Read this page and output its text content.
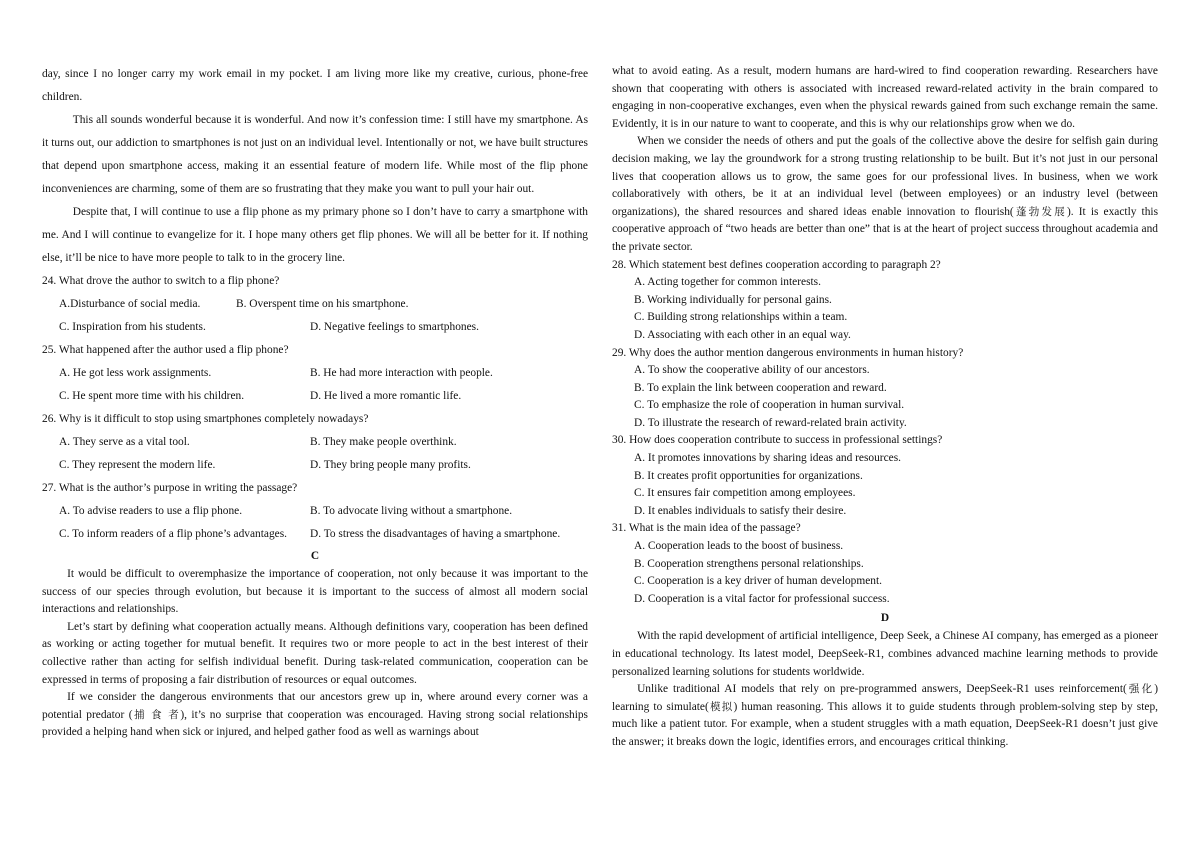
day, since I no longer carry my work email in my pocket. I am living more like my creative, curious, phone-free children.

This all sounds wonderful because it is wonderful. And now it’s confession time: I still have my smartphone. As it turns out, our addiction to smartphones is not just on an individual level. Intentionally or not, we have built structures that depend upon smartphone access, making it an essential feature of modern life. While most of the flip phone inconveniences are charming, some of them are so frustrating that they make you want to pull your hair out.

Despite that, I will continue to use a flip phone as my primary phone so I don’t have to carry a smartphone with me. And I will continue to evangelize for it. I hope many others get flip phones. We will all be better for it. If nothing else, it’ll be nice to have more people to talk to in the grocery line.

24. What drove the author to switch to a flip phone?

A.Disturbance of social media.	B. Overspent time on his smartphone.
C. Inspiration from his students.	D. Negative feelings to smartphones.

25. What happened after the author used a flip phone?

A. He got less work assignments.	B. He had more interaction with people.
C. He spent more time with his children.	D. He lived a more romantic life.

26. Why is it difficult to stop using smartphones completely nowadays?

A. They serve as a vital tool.	B. They make people overthink.
C. They represent the modern life.	D. They bring people many profits.

27. What is the author’s purpose in writing the passage?

A. To advise readers to use a flip phone.	B. To advocate living without a smartphone.
C. To inform readers of a flip phone’s advantages.	D. To stress the disadvantages of having a smartphone.

C

It would be difficult to overemphasize the importance of cooperation, not only because it was important to the success of our species through evolution, but because it is important to the success of almost all modern social interactions and relationships.

Let’s start by defining what cooperation actually means. Although definitions vary, cooperation has been defined as working or acting together for mutual benefit. It requires two or more people to act in the best interest of their collective rather than acting for selfish individual benefit. During task-related communication, cooperation can be expressed in terms of proposing a fair distribution of resources or equal outcomes.

If we consider the dangerous environments that our ancestors grew up in, where around every corner was a potential predator (捕 食 者), it’s no surprise that cooperation was encouraged. Having strong social relationships provided a helping hand when sick or injured, and helped gather food as well as warnings about

what to avoid eating. As a result, modern humans are hard-wired to find cooperation rewarding. Researchers have shown that cooperating with others is associated with increased reward-related activity in the brain compared to engaging in non-cooperative exchanges, even when the physical rewards gained from such exchange remain the same. Evidently, it is in our nature to want to cooperate, and this is why our relationships grow when we do.

When we consider the needs of others and put the goals of the collective above the desire for selfish gain during decision making, we lay the groundwork for a strong trusting relationship to be built. But it’s not just in our personal lives that cooperation allows us to grow, the same goes for our professional lives. In business, when we work collaboratively with others, be it at an individual level (between employees) or an industry level (between organizations), the shared resources and shared ideas enable innovation to flourish(蓬勃发展). It is exactly this cooperative approach of “two heads are better than one” that is at the heart of project success throughout academia and the private sector.

28. Which statement best defines cooperation according to paragraph 2?

A. Acting together for common interests.

B. Working individually for personal gains.

C. Building strong relationships within a team.

D. Associating with each other in an equal way.

29. Why does the author mention dangerous environments in human history?

A. To show the cooperative ability of our ancestors.

B. To explain the link between cooperation and reward.

C. To emphasize the role of cooperation in human survival.

D. To illustrate the research of reward-related brain activity.

30. How does cooperation contribute to success in professional settings?

A. It promotes innovations by sharing ideas and resources.

B. It creates profit opportunities for organizations.

C. It ensures fair competition among employees.

D. It enables individuals to satisfy their desire.

31. What is the main idea of the passage?

A. Cooperation leads to the boost of business.

B. Cooperation strengthens personal relationships.

C. Cooperation is a key driver of human development.

D. Cooperation is a vital factor for professional success.

D

With the rapid development of artificial intelligence, Deep Seek, a Chinese AI company, has emerged as a pioneer in educational technology. Its latest model, DeepSeek-R1, combines advanced machine learning methods to provide personalized learning solutions for students worldwide.

Unlike traditional AI models that rely on pre-programmed answers, DeepSeek-R1 uses reinforcement(强化) learning to simulate(模拟) human reasoning. This allows it to guide students through problem-solving step by step, much like a patient tutor. For example, when a student struggles with a math equation, DeepSeek-R1 doesn’t just give the answer; it breaks down the logic, identifies errors, and encourages critical thinking.
